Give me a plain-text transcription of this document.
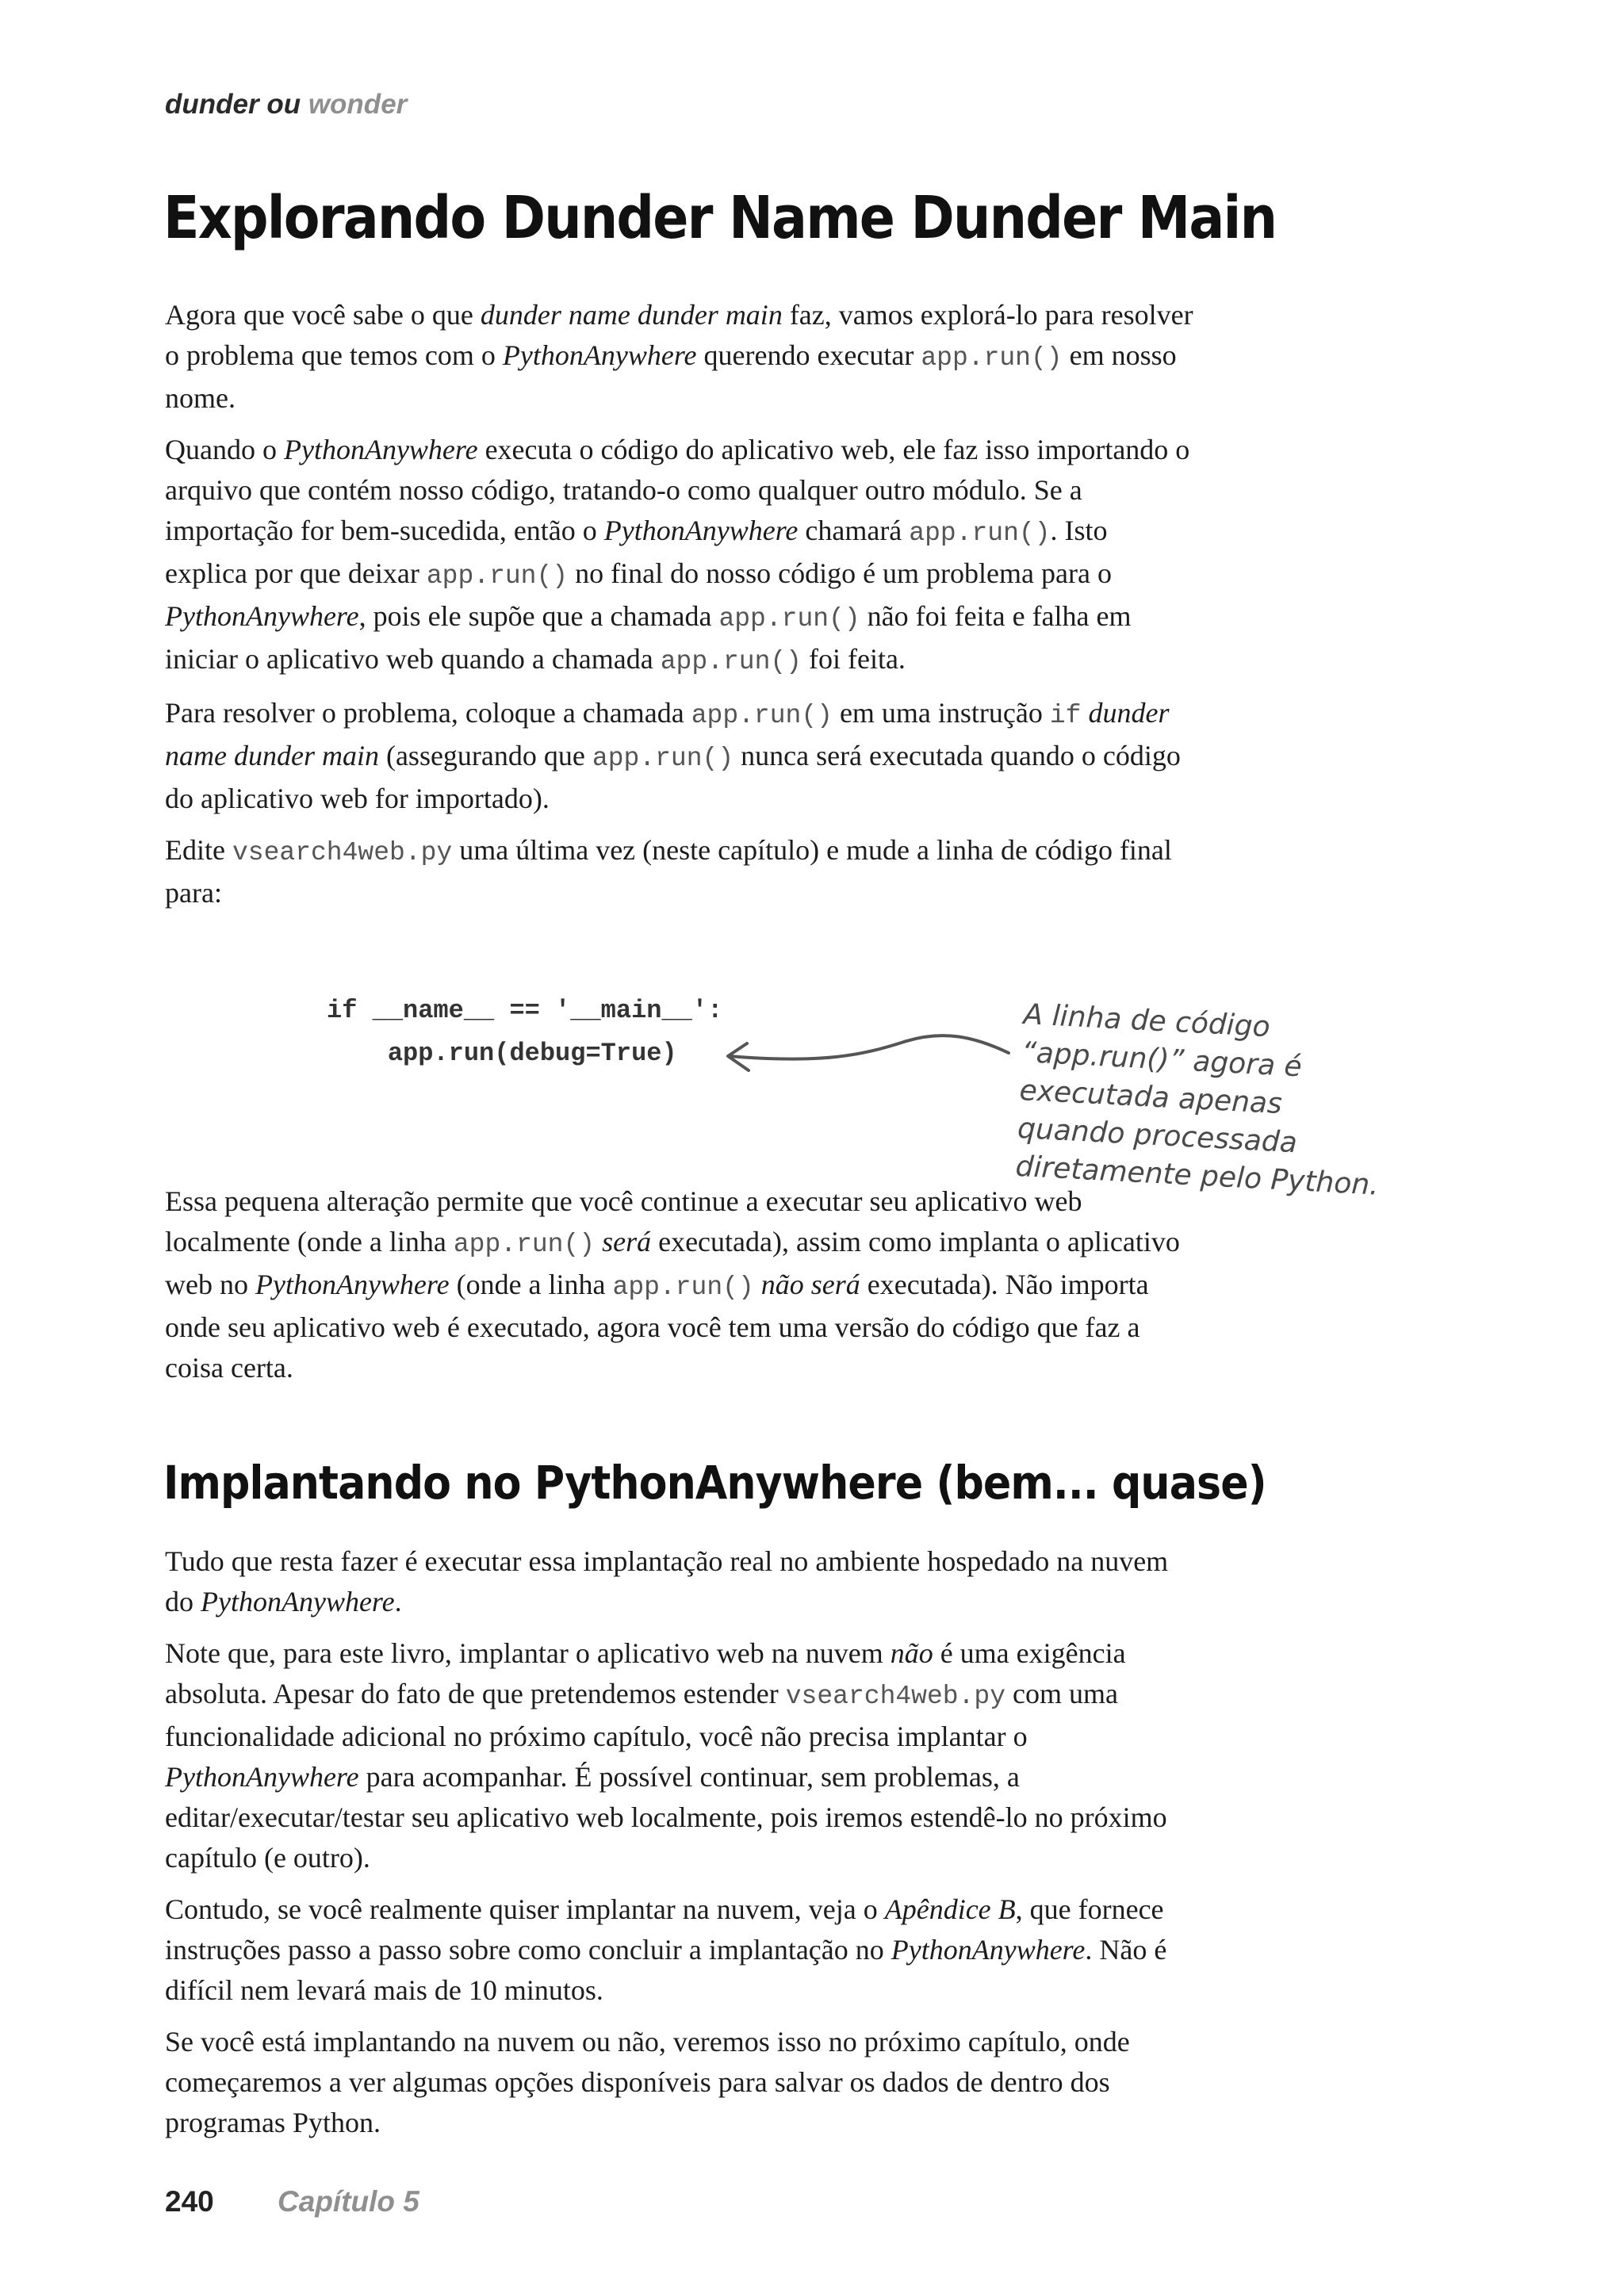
dunder ou wonder
Explorando Dunder Name Dunder Main

Agora que você sabe o que dunder name dunder main faz, vamos explorá-lo para resolver o problema que temos com o PythonAnywhere querendo executar app.run() em nosso nome.

Quando o PythonAnywhere executa o código do aplicativo web, ele faz isso importando o arquivo que contém nosso código, tratando-o como qualquer outro módulo. Se a importação for bem-sucedida, então o PythonAnywhere chamará app.run(). Isto explica por que deixar app.run() no final do nosso código é um problema para o PythonAnywhere, pois ele supõe que a chamada app.run() não foi feita e falha em iniciar o aplicativo web quando a chamada app.run() foi feita.

Para resolver o problema, coloque a chamada app.run() em uma instrução if dunder name dunder main (assegurando que app.run() nunca será executada quando o código do aplicativo web for importado).

Edite vsearch4web.py uma última vez (neste capítulo) e mude a linha de código final para:

if __name__ == '__main__':
app.run(debug=True)
A linha de código “app.run()” agora é executada apenas quando processada diretamente pelo Python.

Essa pequena alteração permite que você continue a executar seu aplicativo web localmente (onde a linha app.run() será executada), assim como implanta o aplicativo web no PythonAnywhere (onde a linha app.run() não será executada). Não importa onde seu aplicativo web é executado, agora você tem uma versão do código que faz a coisa certa.

Implantando no PythonAnywhere (bem... quase)

Tudo que resta fazer é executar essa implantação real no ambiente hospedado na nuvem do PythonAnywhere.

Note que, para este livro, implantar o aplicativo web na nuvem não é uma exigência absoluta. Apesar do fato de que pretendemos estender vsearch4web.py com uma funcionalidade adicional no próximo capítulo, você não precisa implantar o PythonAnywhere para acompanhar. É possível continuar, sem problemas, a editar/executar/testar seu aplicativo web localmente, pois iremos estendê-lo no próximo capítulo (e outro).

Contudo, se você realmente quiser implantar na nuvem, veja o Apêndice B, que fornece instruções passo a passo sobre como concluir a implantação no PythonAnywhere. Não é difícil nem levará mais de 10 minutos.

Se você está implantando na nuvem ou não, veremos isso no próximo capítulo, onde começaremos a ver algumas opções disponíveis para salvar os dados de dentro dos programas Python.

240 Capítulo 5
